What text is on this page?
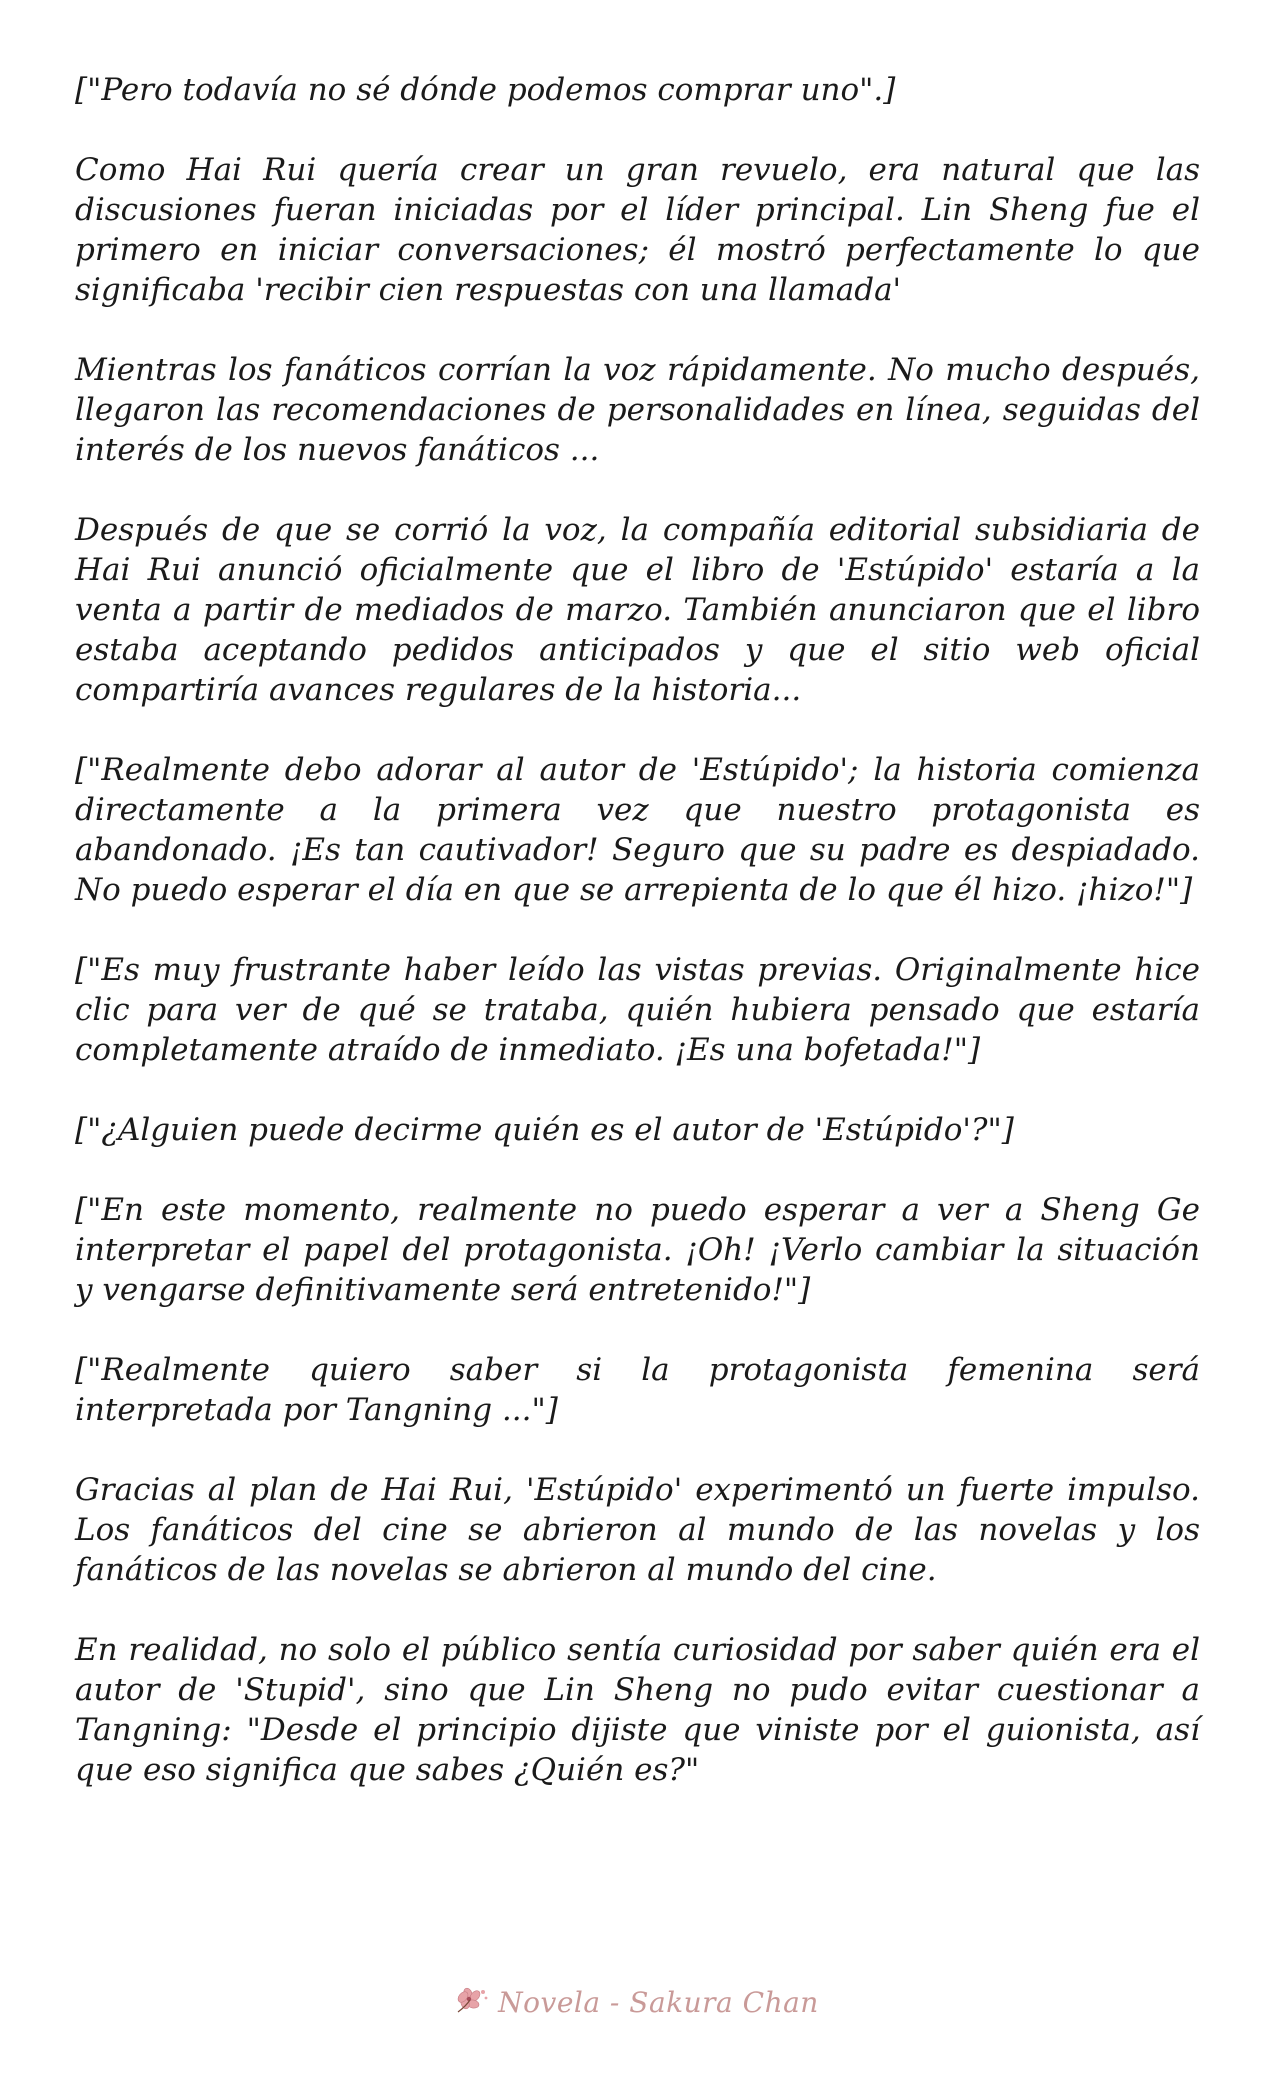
["Pero todavía no sé dónde podemos comprar uno".]

Como Hai Rui quería crear un gran revuelo, era natural que las discusiones fueran iniciadas por el líder principal. Lin Sheng fue el primero en iniciar conversaciones; él mostró perfectamente lo que significaba 'recibir cien respuestas con una llamada'

Mientras los fanáticos corrían la voz rápidamente. No mucho después, llegaron las recomendaciones de personalidades en línea, seguidas del interés de los nuevos fanáticos ...

Después de que se corrió la voz, la compañía editorial subsidiaria de Hai Rui anunció oficialmente que el libro de 'Estúpido' estaría a la venta a partir de mediados de marzo. También anunciaron que el libro estaba aceptando pedidos anticipados y que el sitio web oficial compartiría avances regulares de la historia...

["Realmente debo adorar al autor de 'Estúpido'; la historia comienza directamente a la primera vez que nuestro protagonista es abandonado. ¡Es tan cautivador! Seguro que su padre es despiadado. No puedo esperar el día en que se arrepienta de lo que él hizo. ¡hizo!"]

["Es muy frustrante haber leído las vistas previas. Originalmente hice clic para ver de qué se trataba, quién hubiera pensado que estaría completamente atraído de inmediato. ¡Es una bofetada!"]

["¿Alguien puede decirme quién es el autor de 'Estúpido'?"]

["En este momento, realmente no puedo esperar a ver a Sheng Ge interpretar el papel del protagonista. ¡Oh! ¡Verlo cambiar la situación y vengarse definitivamente será entretenido!"]

["Realmente quiero saber si la protagonista femenina será interpretada por Tangning ..."]

Gracias al plan de Hai Rui, 'Estúpido' experimentó un fuerte impulso. Los fanáticos del cine se abrieron al mundo de las novelas y los fanáticos de las novelas se abrieron al mundo del cine.

En realidad, no solo el público sentía curiosidad por saber quién era el autor de 'Stupid', sino que Lin Sheng no pudo evitar cuestionar a Tangning: "Desde el principio dijiste que viniste por el guionista, así que eso significa que sabes ¿Quién es?"

Novela - Sakura Chan
